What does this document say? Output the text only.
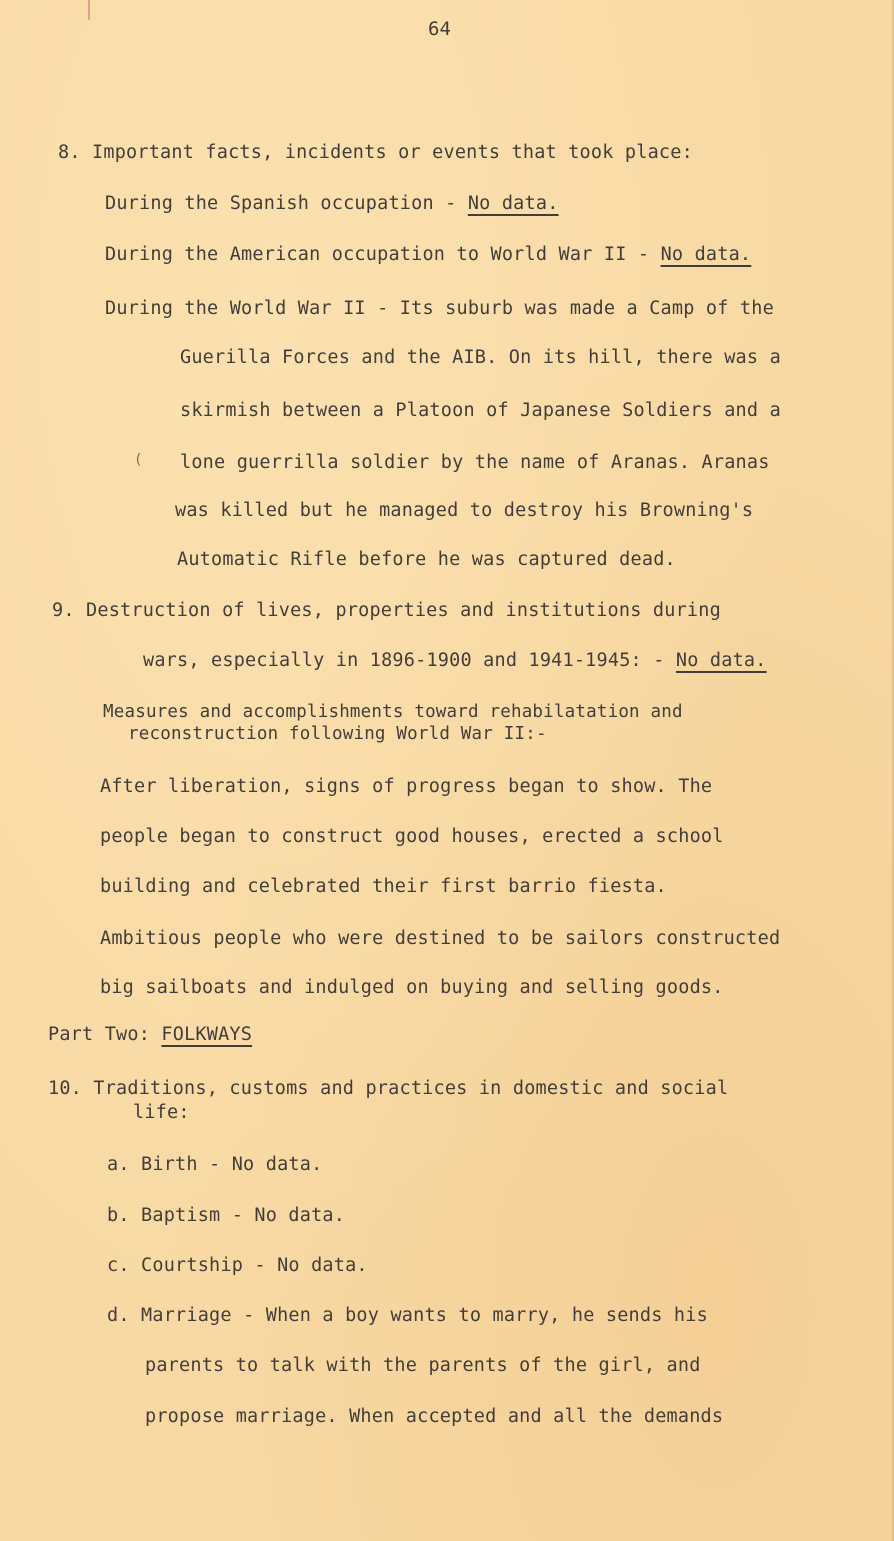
64
8. Important facts, incidents or events that took place:
During the Spanish occupation - No data.
During the American occupation to World War II - No data.
During the World War II - Its suburb was made a Camp of the
Guerilla Forces and the AIB. On its hill, there was a
skirmish between a Platoon of Japanese Soldiers and a
( lone guerrilla soldier by the name of Aranas. Aranas
was killed but he managed to destroy his Browning's
Automatic Rifle before he was captured dead.
9. Destruction of lives, properties and institutions during
wars, especially in 1896-1900 and 1941-1945: - No data.
Measures and accomplishments toward rehabilatation and
reconstruction following World War II:-
After liberation, signs of progress began to show. The
people began to construct good houses, erected a school
building and celebrated their first barrio fiesta.
Ambitious people who were destined to be sailors constructed
big sailboats and indulged on buying and selling goods.
Part Two: FOLKWAYS
10. Traditions, customs and practices in domestic and social
life:
a. Birth - No data.
b. Baptism - No data.
c. Courtship - No data.
d. Marriage - When a boy wants to marry, he sends his
parents to talk with the parents of the girl, and
propose marriage. When accepted and all the demands
